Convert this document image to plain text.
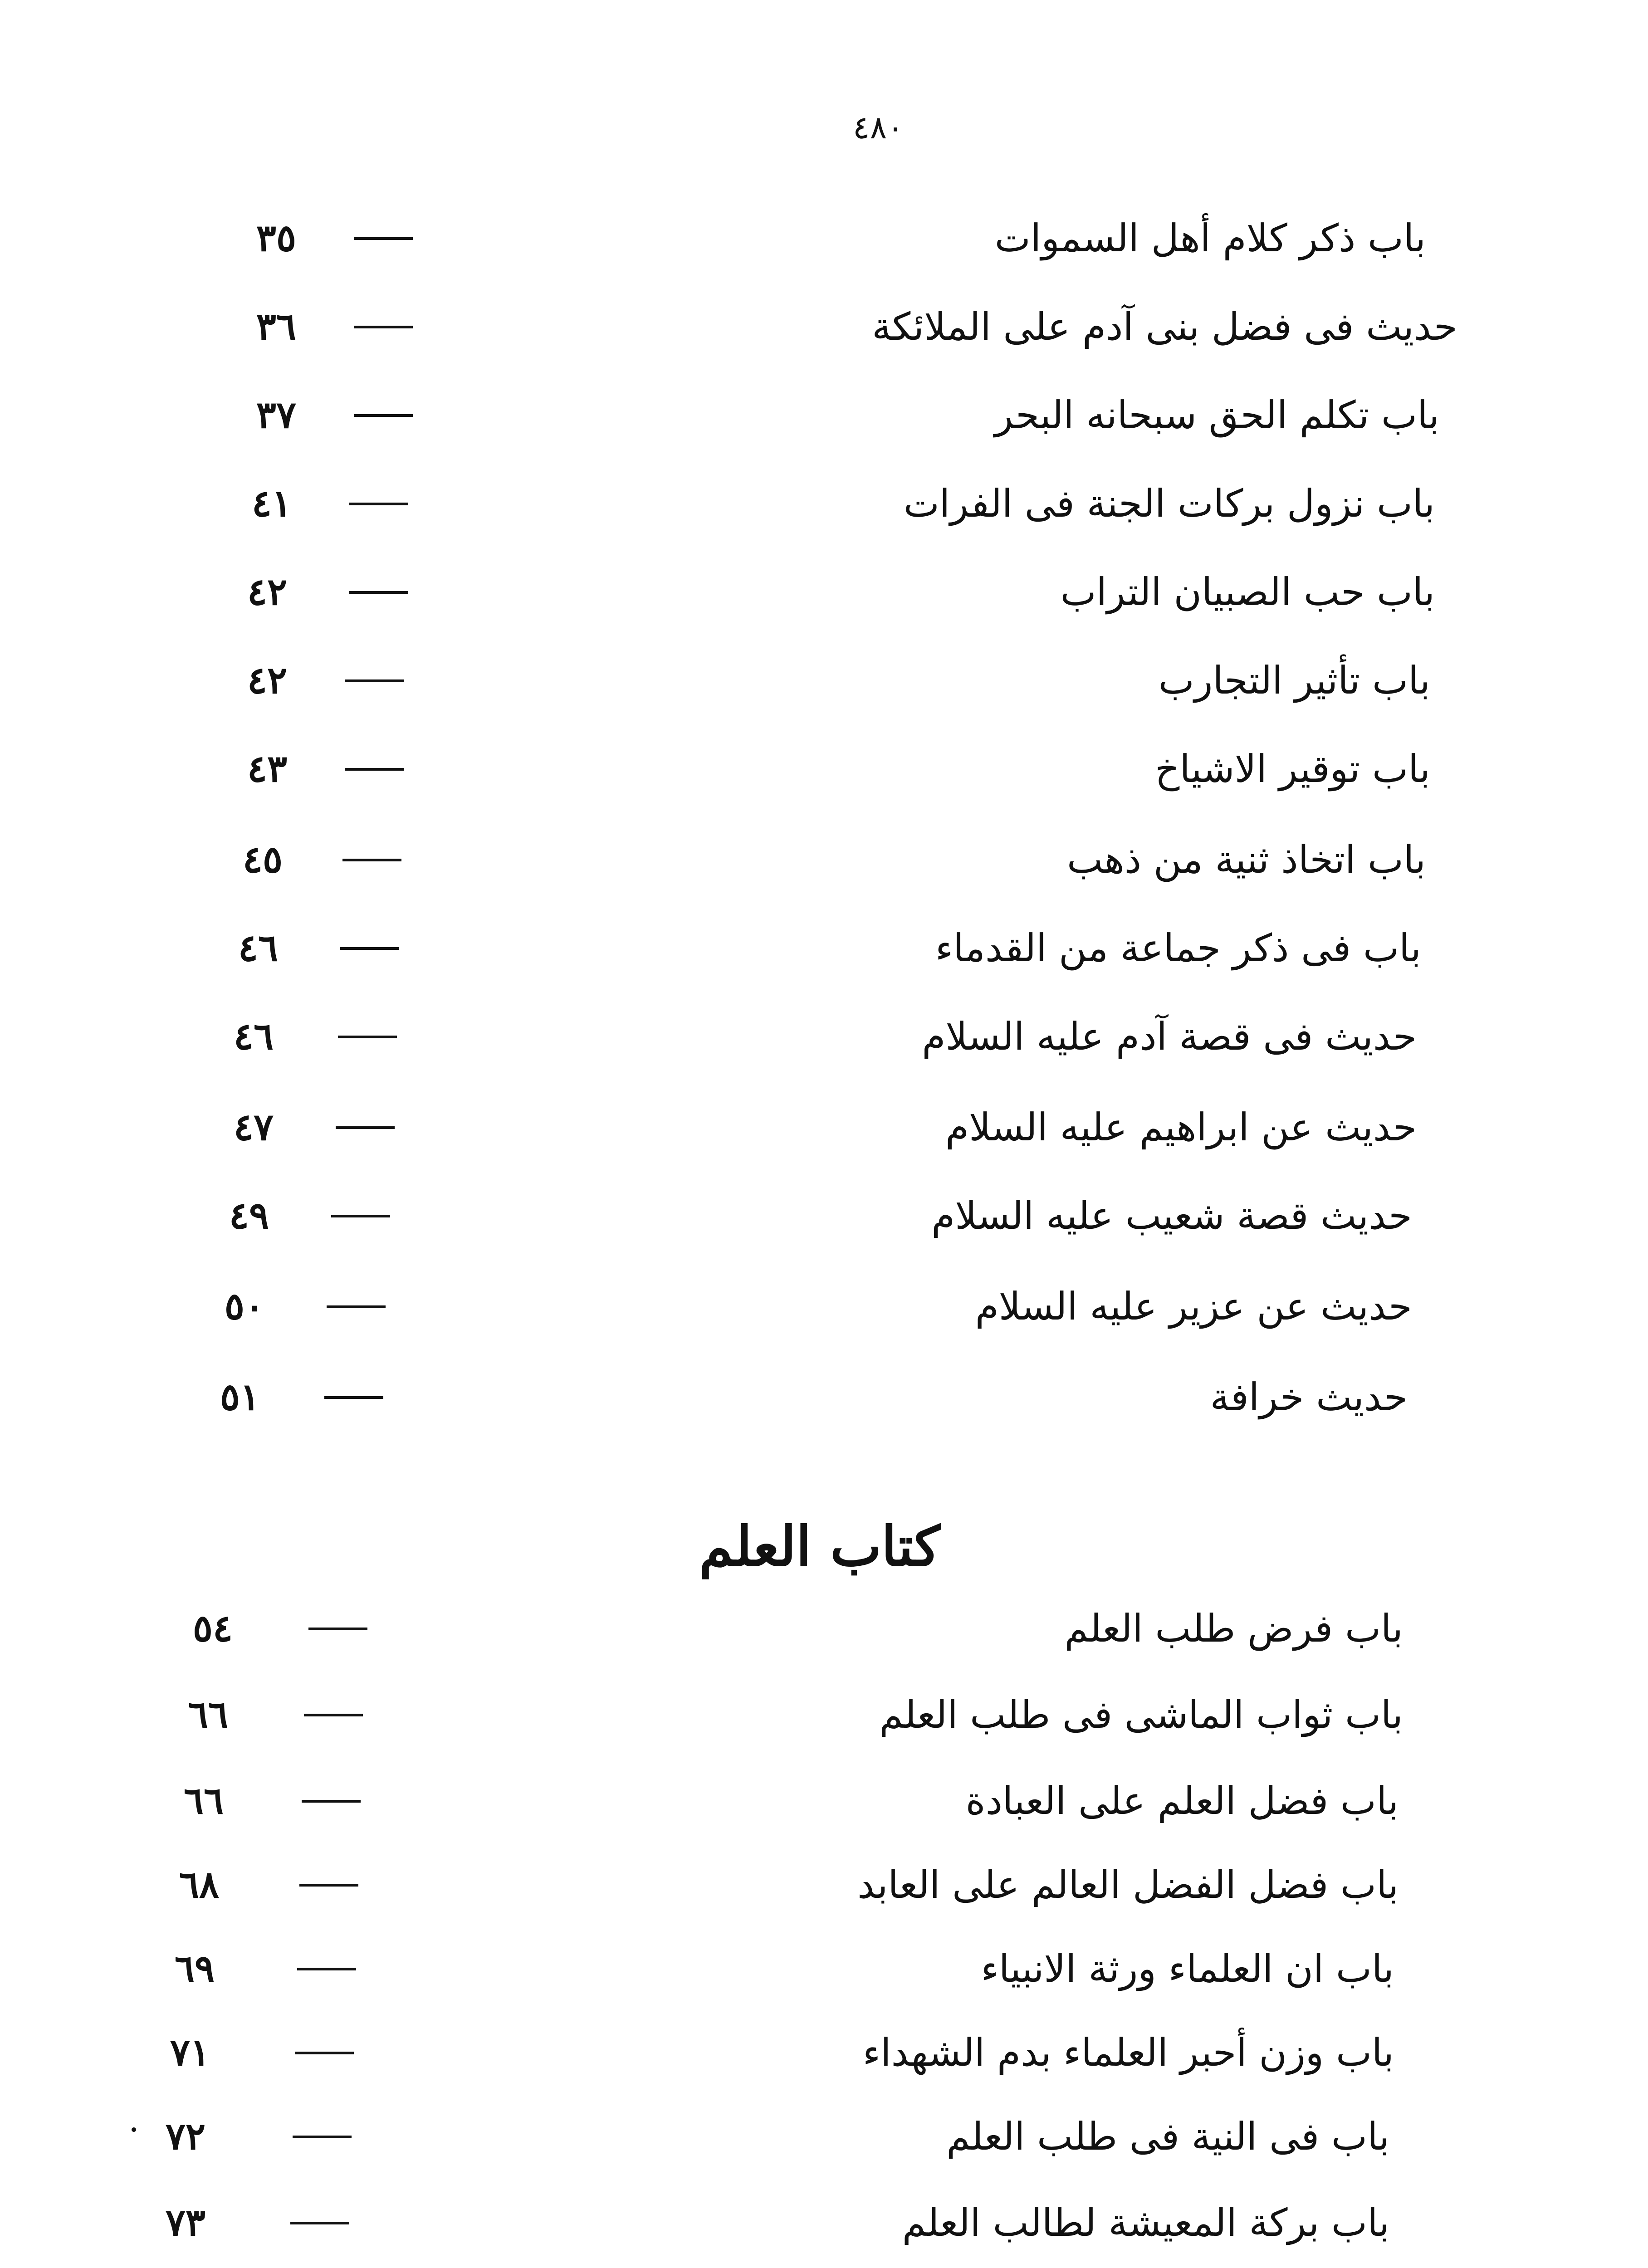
٤٨٠
٣٥	باب ذكر كلام أهل السموات
٣٦	حديث فى فضل بنى آدم على الملائكة
٣٧	باب تكلم الحق سبحانه البحر
٤١	باب نزول بركات الجنة فى الفرات
٤٢	باب حب الصبيان التراب
٤٢	باب تأثير التجارب
٤٣	باب توقير الاشياخ
٤٥	باب اتخاذ ثنية من ذهب
٤٦	باب فى ذكر جماعة من القدماء
٤٦	حديث فى قصة آدم عليه السلام
٤٧	حديث عن ابراهيم عليه السلام
٤٩	حديث قصة شعيب عليه السلام
٥٠	حديث عن عزير عليه السلام
٥١	حديث خرافة
كتاب العلم
٥٤	باب فرض طلب العلم
٦٦	باب ثواب الماشى فى طلب العلم
٦٦	باب فضل العلم على العبادة
٦٨	باب فضل الفضل العالم على العابد
٦٩	باب ان العلماء ورثة الانبياء
٧١	باب وزن أحبر العلماء بدم الشهداء
٧٢	باب فى النية فى طلب العلم
٧٣	باب بركة المعيشة لطالب العلم
